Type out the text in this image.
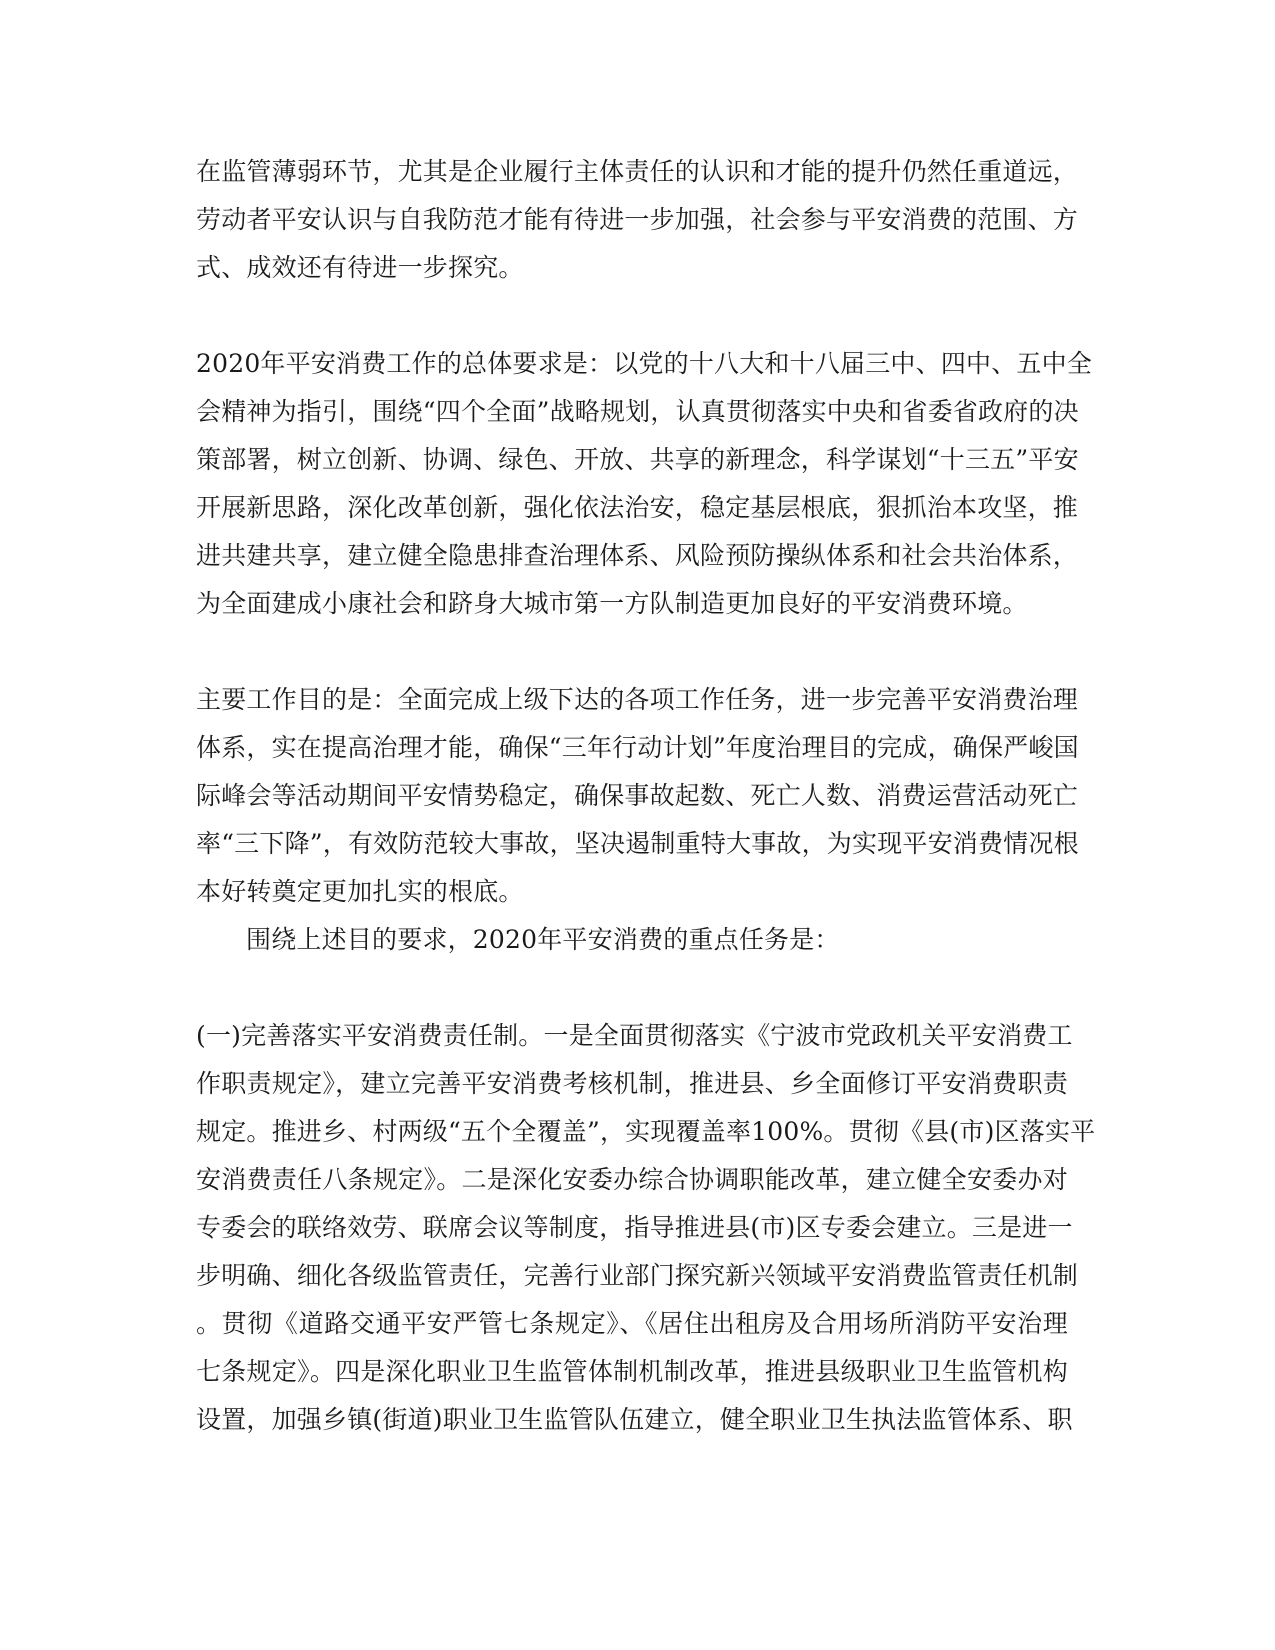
在监管薄弱环节，尤其是企业履行主体责任的认识和才能的提升仍然任重道远，
劳动者平安认识与自我防范才能有待进一步加强，社会参与平安消费的范围、方
式、成效还有待进一步探究。
2020年平安消费工作的总体要求是：以党的十八大和十八届三中、四中、五中全
会精神为指引，围绕“四个全面”战略规划，认真贯彻落实中央和省委省政府的决
策部署，树立创新、协调、绿色、开放、共享的新理念，科学谋划“十三五”平安
开展新思路，深化改革创新，强化依法治安，稳定基层根底，狠抓治本攻坚，推
进共建共享，建立健全隐患排查治理体系、风险预防操纵体系和社会共治体系，
为全面建成小康社会和跻身大城市第一方队制造更加良好的平安消费环境。
主要工作目的是：全面完成上级下达的各项工作任务，进一步完善平安消费治理
体系，实在提高治理才能，确保“三年行动计划”年度治理目的完成，确保严峻国
际峰会等活动期间平安情势稳定，确保事故起数、死亡人数、消费运营活动死亡
率“三下降”，有效防范较大事故，坚决遏制重特大事故，为实现平安消费情况根
本好转奠定更加扎实的根底。
围绕上述目的要求，2020年平安消费的重点任务是：
(一)完善落实平安消费责任制。一是全面贯彻落实《宁波市党政机关平安消费工
作职责规定》，建立完善平安消费考核机制，推进县、乡全面修订平安消费职责
规定。推进乡、村两级“五个全覆盖”，实现覆盖率100%。贯彻《县(市)区落实平
安消费责任八条规定》。二是深化安委办综合协调职能改革，建立健全安委办对
专委会的联络效劳、联席会议等制度，指导推进县(市)区专委会建立。三是进一
步明确、细化各级监管责任，完善行业部门探究新兴领域平安消费监管责任机制
。贯彻《道路交通平安严管七条规定》、《居住出租房及合用场所消防平安治理
七条规定》。四是深化职业卫生监管体制机制改革，推进县级职业卫生监管机构
设置，加强乡镇(街道)职业卫生监管队伍建立，健全职业卫生执法监管体系、职
